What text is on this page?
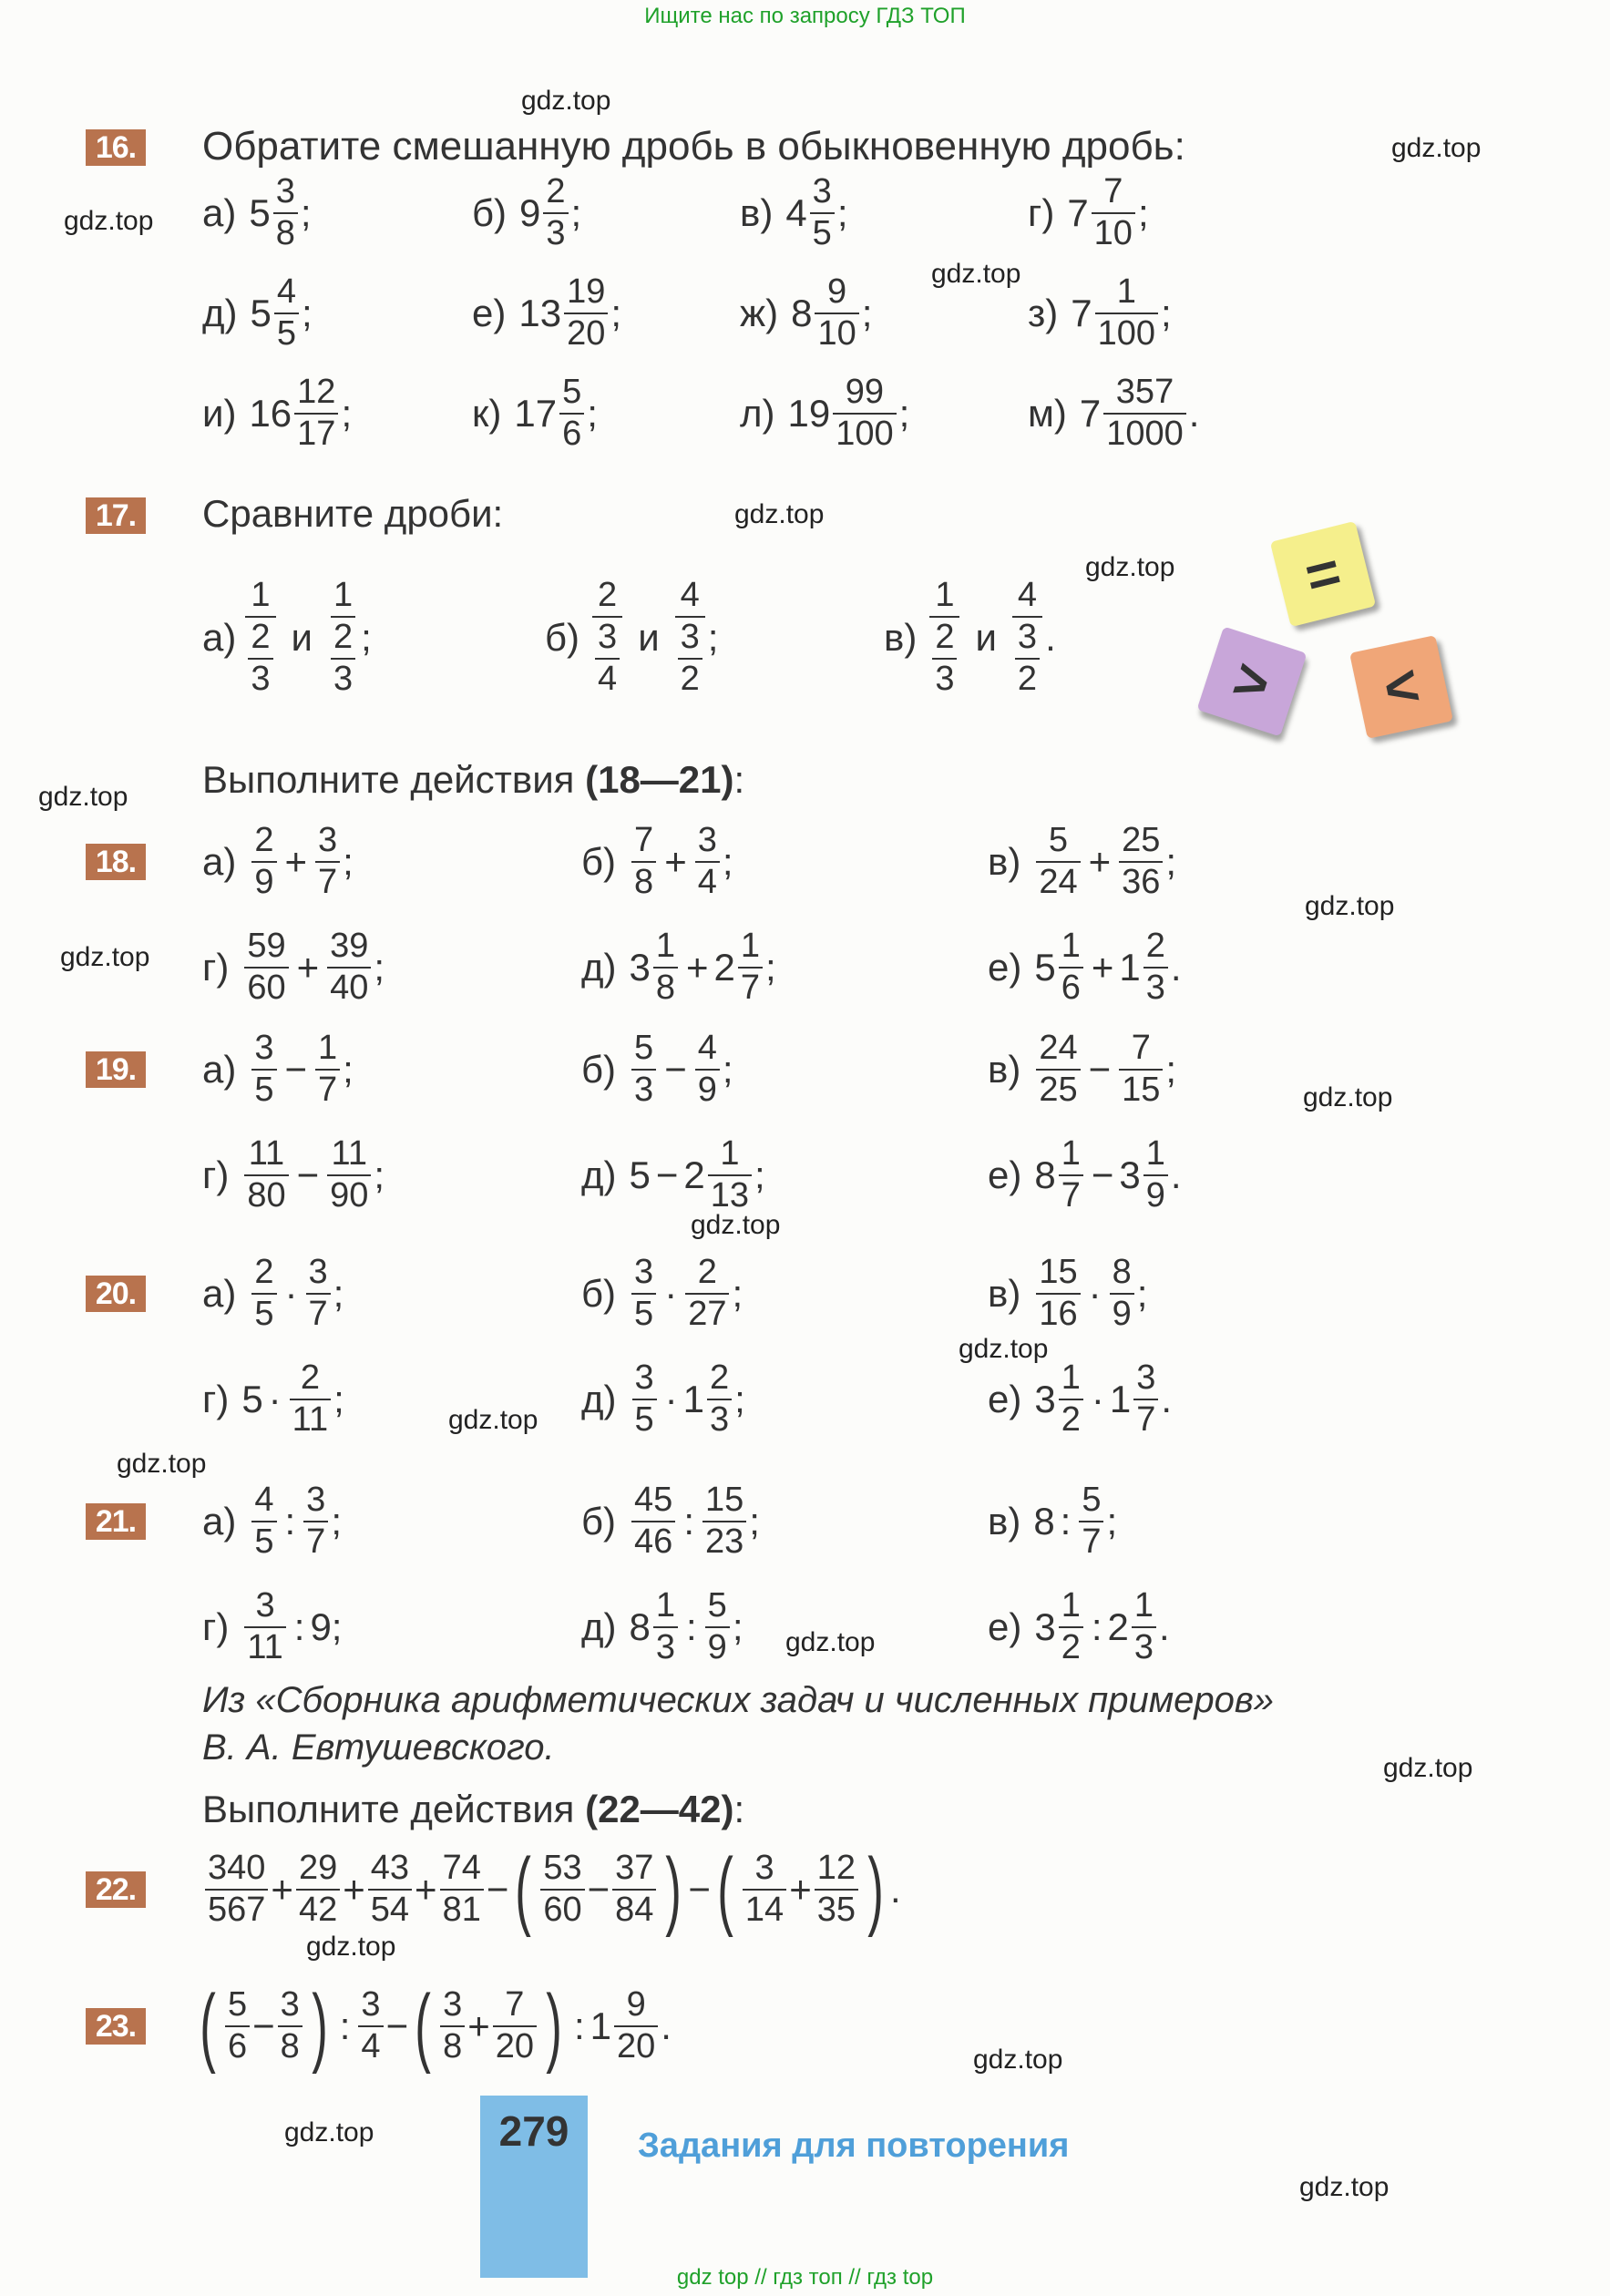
Ищите нас по запросу ГДЗ ТОП
gdz.top
gdz.top
gdz.top
gdz.top
gdz.top
gdz.top
gdz.top
gdz.top
gdz.top
gdz.top
gdz.top
gdz.top
gdz.top
gdz.top
gdz.top
gdz.top
gdz.top
gdz.top
gdz.top
gdz.top
16. Обратите смешанную дробь в обыкновенную дробь:
а) $5 \frac{3}{8}$ ;	б) $9 \frac{2}{3}$ ;	в) $4 \frac{3}{5}$ ;	г) $7 \frac{7}{10}$ ;
д) $5 \frac{4}{5}$ ;	е) $13 \frac{19}{20}$ ;	ж) $8 \frac{9}{10}$ ;	з) $7 \frac{1}{100}$ ;
и) $16 \frac{12}{17}$ ;	к) $17 \frac{5}{6}$ ;	л) $19 \frac{99}{100}$ ;	м) $7 \frac{357}{1000}$ .
17. Сравните дроби:
$а) \frac{1}{\frac{2}{3}}$ и $\frac{\frac{1}{2}}{3}$ ;	$б) \frac{2}{\frac{3}{4}}$ и $\frac{4}{\frac{3}{2}}$ ;	$в) \frac{1}{\frac{2}{3}}$ и $\frac{4}{\frac{3}{2}}$ .
=
>	<
Выполните действия (18—21):
18. $а) \frac{2}{9} + \frac{3}{7}$ ;	$б) \frac{7}{8} + \frac{3}{4}$ ;	$в) \frac{5}{24} + \frac{25}{36}$ ;
$г) \frac{59}{60} + \frac{39}{40}$ ;	д) $3 \frac{1}{8} + 2 \frac{1}{7}$ ;	е) $5 \frac{1}{6} + 1 \frac{2}{3}$ .
19. $а) \frac{3}{5} - \frac{1}{7}$ ;	$б) \frac{5}{3} - \frac{4}{9}$ ;	$в) \frac{24}{25} - \frac{7}{15}$ ;
$г) \frac{11}{80} - \frac{11}{90}$ ;	д) $5 - 2 \frac{1}{13}$ ;	е) $8 \frac{1}{7} - 3 \frac{1}{9}$ .
20. $а) \frac{2}{5} \cdot \frac{3}{7}$ ;	$б) \frac{3}{5} \cdot \frac{2}{27}$ ;	$в) \frac{15}{16} \cdot \frac{8}{9}$ ;
г) $5 \cdot \frac{2}{11}$ ;	$д) \frac{3}{5} \cdot 1 \frac{2}{3}$ ;	е) $3 \frac{1}{2} \cdot 1 \frac{3}{7}$ .
21. $а) \frac{4}{5}$ : $\frac{3}{7}$ ;	$б) \frac{45}{46}$ : $\frac{15}{23}$ ;	в) 8 : $\frac{5}{7}$ ;
$г) \frac{3}{11}$ : 9 ;	д) $8 \frac{1}{3}$ : $\frac{5}{9}$ ;	е) $3 \frac{1}{2}$ : $2 \frac{1}{3}$ .
Из «Сборника арифметических задач и численных примеров»
В. А. Евтушевского.
Выполните действия (22—42):
22. $\frac{340}{567} + \frac{29}{42} + \frac{43}{54} + \frac{74}{81}$ − ( $\frac{53}{60} - \frac{37}{84}$ ) − ( $\frac{3}{14} + \frac{12}{35}$ ) .
23. ( $\frac{5}{6} - \frac{3}{8}$ ) : $\frac{3}{4}$ − ( $\frac{3}{8} + \frac{7}{20}$ ) : $1 \frac{9}{20}$ .
279	Задания для повторения
gdz top // гдз топ // гдз top
